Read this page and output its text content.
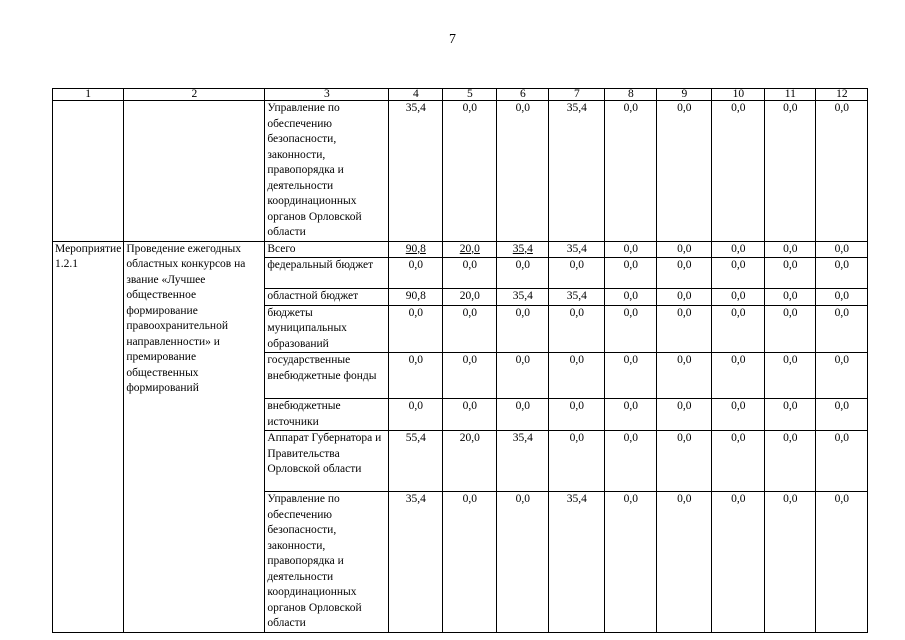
7
1	2	3	4	5	6	7	8	9	10	11	12
		Управление по обеспечению безопасности, законности, правопорядка и деятельности координационных органов Орловской области	35,4	0,0	0,0	35,4	0,0	0,0	0,0	0,0	0,0
Мероприятие 1.2.1	Проведение ежегодных областных конкурсов на звание «Лучшее общественное формирование правоохранительной направленности» и премирование общественных формирований	Всего	90,8	20,0	35,4	35,4	0,0	0,0	0,0	0,0	0,0
		федеральный бюджет	0,0	0,0	0,0	0,0	0,0	0,0	0,0	0,0	0,0
		областной бюджет	90,8	20,0	35,4	35,4	0,0	0,0	0,0	0,0	0,0
		бюджеты муниципальных образований	0,0	0,0	0,0	0,0	0,0	0,0	0,0	0,0	0,0
		государственные внебюджетные фонды	0,0	0,0	0,0	0,0	0,0	0,0	0,0	0,0	0,0
		внебюджетные источники	0,0	0,0	0,0	0,0	0,0	0,0	0,0	0,0	0,0
		Аппарат Губернатора и Правительства Орловской области	55,4	20,0	35,4	0,0	0,0	0,0	0,0	0,0	0,0
		Управление по обеспечению безопасности, законности, правопорядка и деятельности координационных органов Орловской области	35,4	0,0	0,0	35,4	0,0	0,0	0,0	0,0	0,0
